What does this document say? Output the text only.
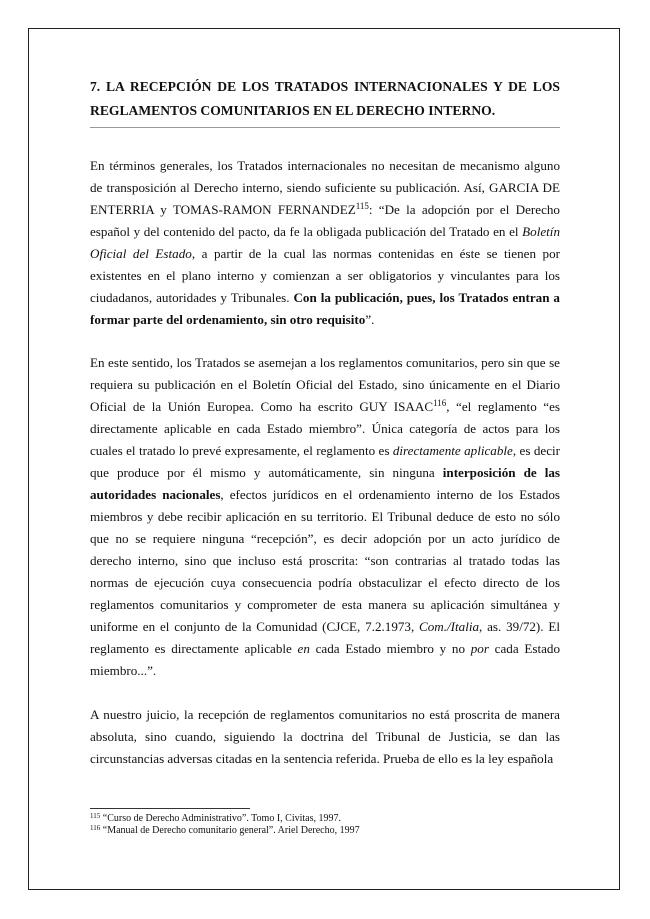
7. LA RECEPCIÓN DE LOS TRATADOS INTERNACIONALES Y DE LOS REGLAMENTOS COMUNITARIOS EN EL DERECHO INTERNO.

En términos generales, los Tratados internacionales no necesitan de mecanismo alguno de transposición al Derecho interno, siendo suficiente su publicación. Así, GARCIA DE ENTERRIA y TOMAS-RAMON FERNANDEZ$^{115}$: “De la adopción por el Derecho español y del contenido del pacto, da fe la obligada publicación del Tratado en el Boletín Oficial del Estado, a partir de la cual las normas contenidas en éste se tienen por existentes en el plano interno y comienzan a ser obligatorios y vinculantes para los ciudadanos, autoridades y Tribunales. Con la publicación, pues, los Tratados entran a formar parte del ordenamiento, sin otro requisito”.

En este sentido, los Tratados se asemejan a los reglamentos comunitarios, pero sin que se requiera su publicación en el Boletín Oficial del Estado, sino únicamente en el Diario Oficial de la Unión Europea. Como ha escrito GUY ISAAC$^{116}$, “el reglamento “es directamente aplicable en cada Estado miembro”. Única categoría de actos para los cuales el tratado lo prevé expresamente, el reglamento es directamente aplicable, es decir que produce por él mismo y automáticamente, sin ninguna interposición de las autoridades nacionales, efectos jurídicos en el ordenamiento interno de los Estados miembros y debe recibir aplicación en su territorio. El Tribunal deduce de esto no sólo que no se requiere ninguna “recepción”, es decir adopción por un acto jurídico de derecho interno, sino que incluso está proscrita: “son contrarias al tratado todas las normas de ejecución cuya consecuencia podría obstaculizar el efecto directo de los reglamentos comunitarios y comprometer de esta manera su aplicación simultánea y uniforme en el conjunto de la Comunidad (CJCE, 7.2.1973, Com./Italia, as. 39/72). El reglamento es directamente aplicable en cada Estado miembro y no por cada Estado miembro...”.

A nuestro juicio, la recepción de reglamentos comunitarios no está proscrita de manera absoluta, sino cuando, siguiendo la doctrina del Tribunal de Justicia, se dan las circunstancias adversas citadas en la sentencia referida. Prueba de ello es la ley española

$^{115}$ “Curso de Derecho Administrativo”. Tomo I, Civitas, 1997.

$^{116}$ “Manual de Derecho comunitario general”. Ariel Derecho, 1997
